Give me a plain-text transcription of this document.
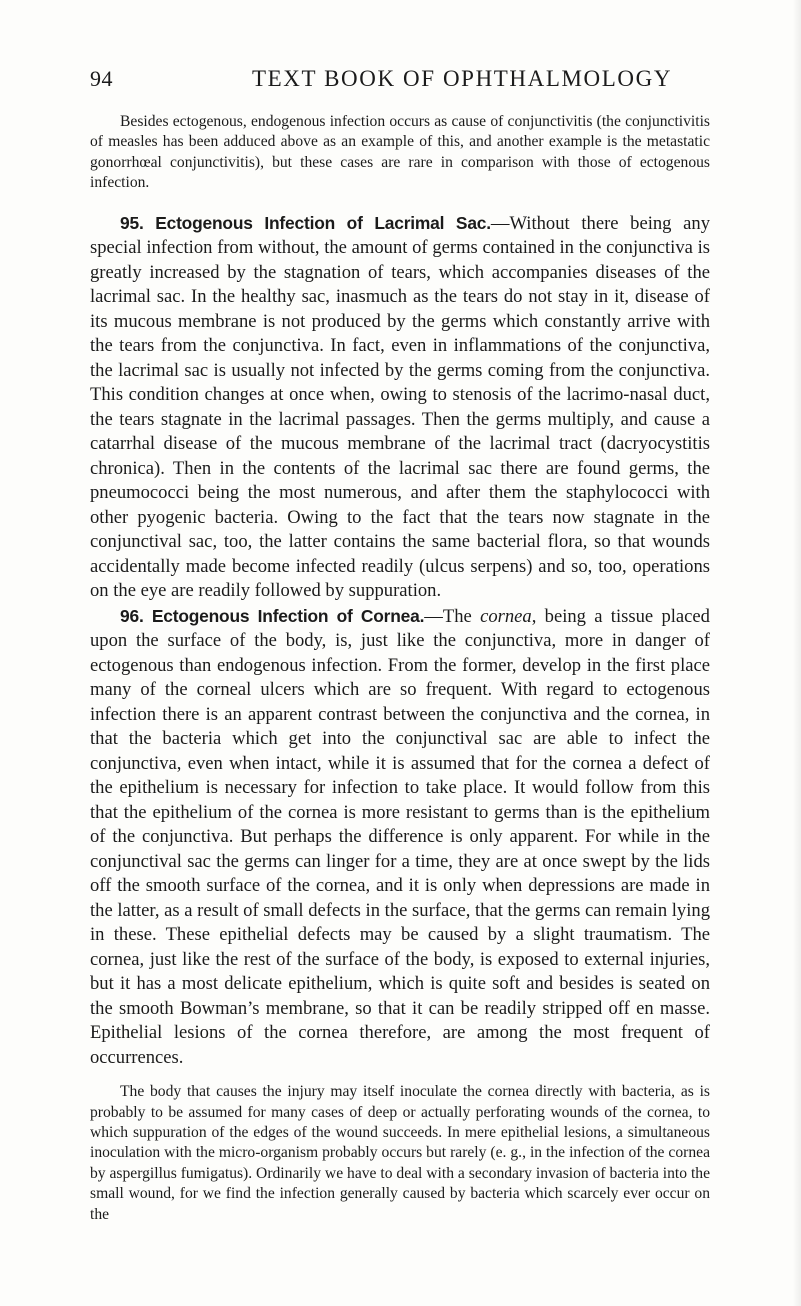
94	TEXT BOOK OF OPHTHALMOLOGY

Besides ectogenous, endogenous infection occurs as cause of conjunctivitis (the conjunctivitis of measles has been adduced above as an example of this, and another example is the metastatic gonorrhœal conjunctivitis), but these cases are rare in comparison with those of ectogenous infection.

95. Ectogenous Infection of Lacrimal Sac.—Without there being any special infection from without, the amount of germs contained in the conjunctiva is greatly increased by the stagnation of tears, which accompanies diseases of the lacrimal sac. In the healthy sac, inasmuch as the tears do not stay in it, disease of its mucous membrane is not produced by the germs which constantly arrive with the tears from the conjunctiva. In fact, even in inflammations of the conjunctiva, the lacrimal sac is usually not infected by the germs coming from the conjunctiva. This condition changes at once when, owing to stenosis of the lacrimo-nasal duct, the tears stagnate in the lacrimal passages. Then the germs multiply, and cause a catarrhal disease of the mucous membrane of the lacrimal tract (dacryocystitis chronica). Then in the contents of the lacrimal sac there are found germs, the pneumococci being the most numerous, and after them the staphylococci with other pyogenic bacteria. Owing to the fact that the tears now stagnate in the conjunctival sac, too, the latter contains the same bacterial flora, so that wounds accidentally made become infected readily (ulcus serpens) and so, too, operations on the eye are readily followed by suppuration.

96. Ectogenous Infection of Cornea.—The cornea, being a tissue placed upon the surface of the body, is, just like the conjunctiva, more in danger of ectogenous than endogenous infection. From the former, develop in the first place many of the corneal ulcers which are so frequent. With regard to ectogenous infection there is an apparent contrast between the conjunctiva and the cornea, in that the bacteria which get into the conjunctival sac are able to infect the conjunctiva, even when intact, while it is assumed that for the cornea a defect of the epithelium is necessary for infection to take place. It would follow from this that the epithelium of the cornea is more resistant to germs than is the epithelium of the conjunctiva. But perhaps the difference is only apparent. For while in the conjunctival sac the germs can linger for a time, they are at once swept by the lids off the smooth surface of the cornea, and it is only when depressions are made in the latter, as a result of small defects in the surface, that the germs can remain lying in these. These epithelial defects may be caused by a slight traumatism. The cornea, just like the rest of the surface of the body, is exposed to external injuries, but it has a most delicate epithelium, which is quite soft and besides is seated on the smooth Bowman’s membrane, so that it can be readily stripped off en masse. Epithelial lesions of the cornea therefore, are among the most frequent of occurrences.

The body that causes the injury may itself inoculate the cornea directly with bacteria, as is probably to be assumed for many cases of deep or actually perforating wounds of the cornea, to which suppuration of the edges of the wound succeeds. In mere epithelial lesions, a simultaneous inoculation with the micro-organism probably occurs but rarely (e. g., in the infection of the cornea by aspergillus fumigatus). Ordinarily we have to deal with a secondary invasion of bacteria into the small wound, for we find the infection generally caused by bacteria which scarcely ever occur on the
